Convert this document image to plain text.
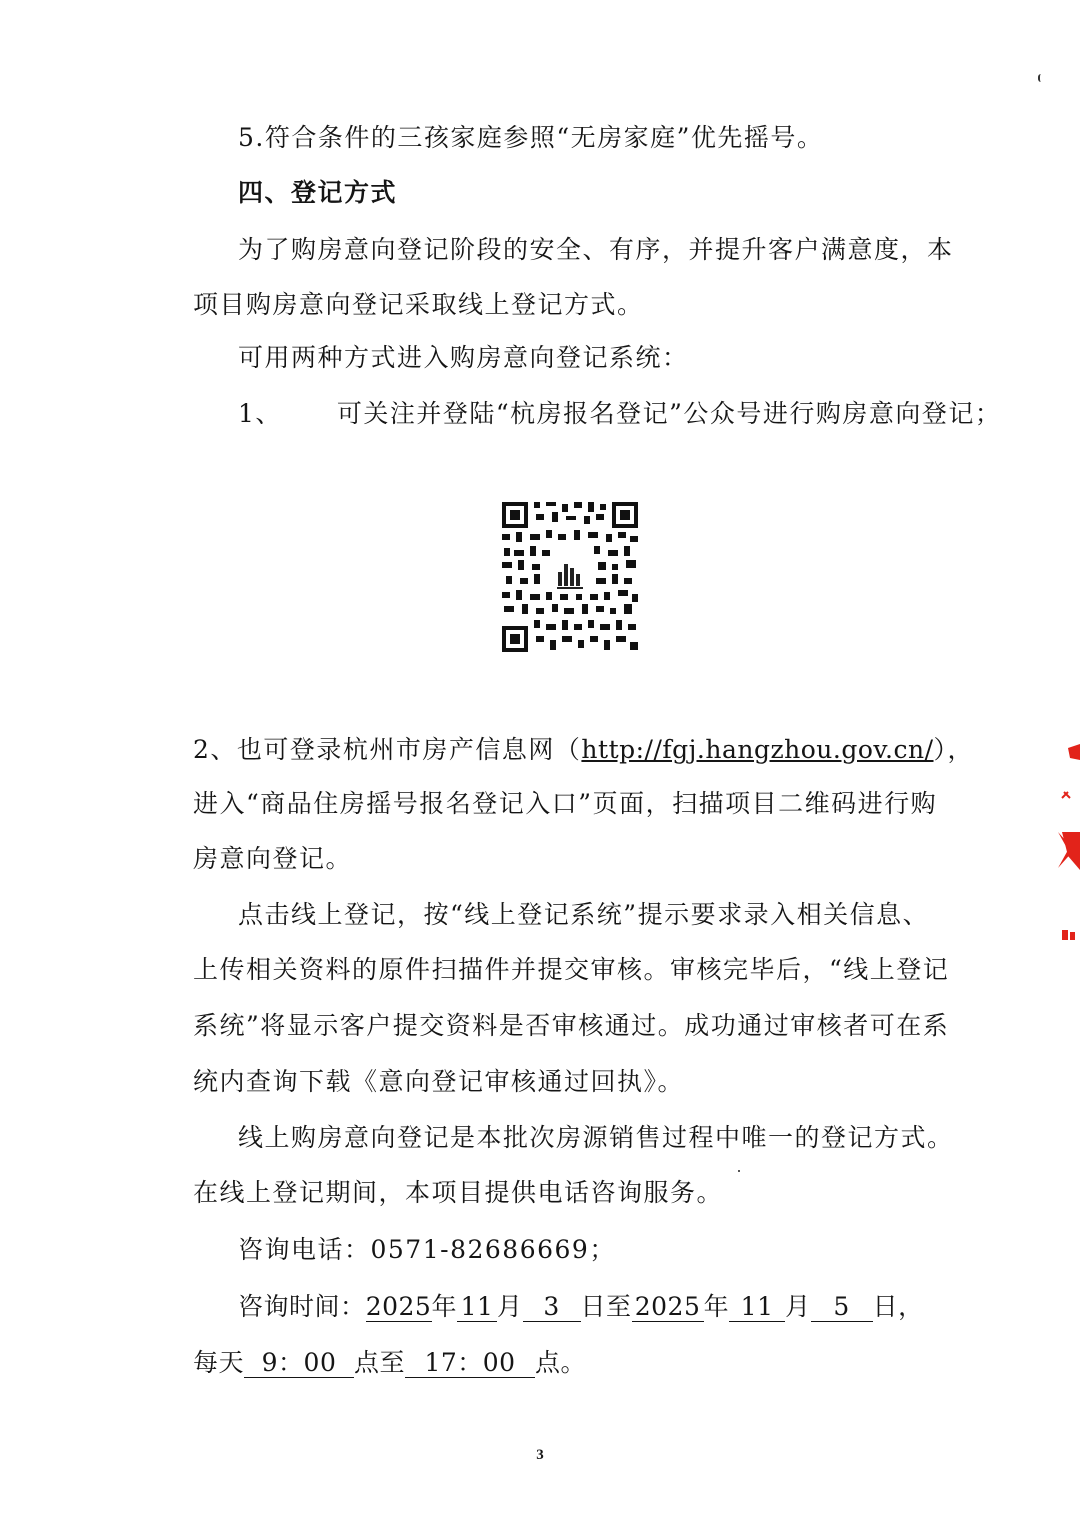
5.符合条件的三孩家庭参照“无房家庭”优先摇号。
四、登记方式
为了购房意向登记阶段的安全、有序，并提升客户满意度，本
项目购房意向登记采取线上登记方式。
可用两种方式进入购房意向登记系统：
1、 可关注并登陆“杭房报名登记”公众号进行购房意向登记；
2、也可登录杭州市房产信息网（http://fgj.hangzhou.gov.cn/），
进入“商品住房摇号报名登记入口”页面，扫描项目二维码进行购
房意向登记。
点击线上登记，按“线上登记系统”提示要求录入相关信息、
上传相关资料的原件扫描件并提交审核。审核完毕后，“线上登记
系统”将显示客户提交资料是否审核通过。成功通过审核者可在系
统内查询下载《意向登记审核通过回执》。
线上购房意向登记是本批次房源销售过程中唯一的登记方式。
在线上登记期间，本项目提供电话咨询服务。
咨询电话：0571-82686669；
咨询时间：2025年 11 月 3 日至 2025 年 11 月 5 日，
每天 9：00 点至 17：00 点。
3
